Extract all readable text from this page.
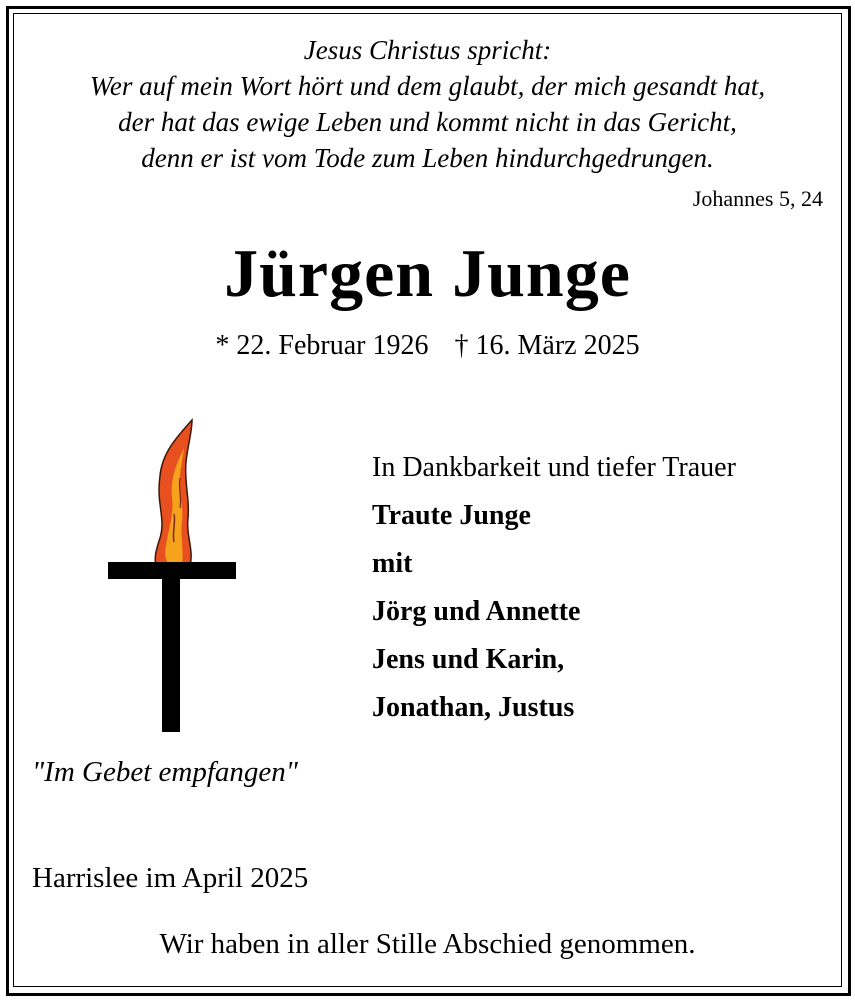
Jesus Christus spricht:
Wer auf mein Wort hört und dem glaubt, der mich gesandt hat,
der hat das ewige Leben und kommt nicht in das Gericht,
denn er ist vom Tode zum Leben hindurchgedrungen.
Johannes 5, 24
Jürgen Junge
* 22. Februar 1926 † 16. März 2025
"Im Gebet empfangen"
In Dankbarkeit und tiefer Trauer
Traute Junge
mit
Jörg und Annette
Jens und Karin,
Jonathan, Justus
Harrislee im April 2025
Wir haben in aller Stille Abschied genommen.
